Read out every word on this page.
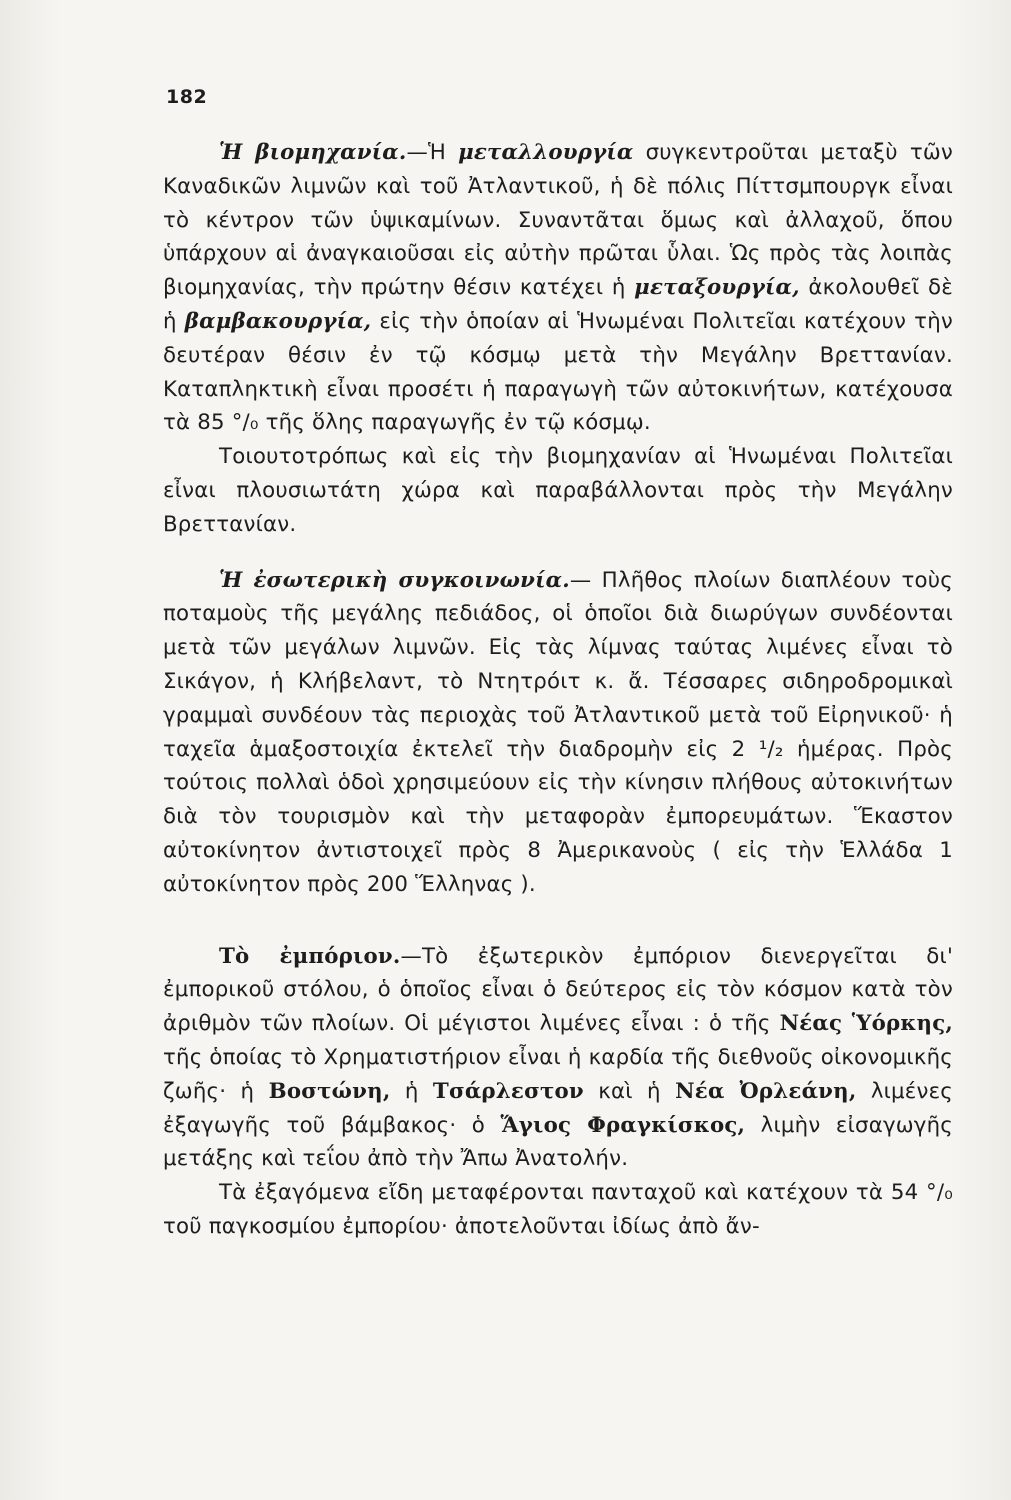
182

Ἡ βιομηχανία.—Ἡ μεταλλουργία συγκεντροῦται μεταξὺ τῶν Καναδικῶν λιμνῶν καὶ τοῦ Ἀτλαντικοῦ, ἡ δὲ πόλις Πίττσμπουργκ εἶναι τὸ κέντρον τῶν ὑψικαμίνων. Συναντᾶται ὅμως καὶ ἀλλαχοῦ, ὅπου ὑπάρχουν αἱ ἀναγκαιοῦσαι εἰς αὐτὴν πρῶται ὗλαι. Ὡς πρὸς τὰς λοιπὰς βιομηχανίας, τὴν πρώτην θέσιν κατέχει ἡ μεταξουργία, ἀκολουθεῖ δὲ ἡ βαμβακουργία, εἰς τὴν ὁποίαν αἱ Ἡνωμέναι Πολιτεῖαι κατέχουν τὴν δευτέραν θέσιν ἐν τῷ κόσμῳ μετὰ τὴν Μεγάλην Βρεττανίαν. Καταπληκτικὴ εἶναι προσέτι ἡ παραγωγὴ τῶν αὐτοκινήτων, κατέχουσα τὰ 85 °/₀ τῆς ὅλης παραγωγῆς ἐν τῷ κόσμῳ.

Τοιουτοτρόπως καὶ εἰς τὴν βιομηχανίαν αἱ Ἡνωμέναι Πολιτεῖαι εἶναι πλουσιωτάτη χώρα καὶ παραβάλλονται πρὸς τὴν Μεγάλην Βρεττανίαν.

Ἡ ἐσωτερικὴ συγκοινωνία.— Πλῆθος πλοίων διαπλέουν τοὺς ποταμοὺς τῆς μεγάλης πεδιάδος, οἱ ὁποῖοι διὰ διωρύγων συνδέονται μετὰ τῶν μεγάλων λιμνῶν. Εἰς τὰς λίμνας ταύτας λιμένες εἶναι τὸ Σικάγον, ἡ Κλήβελαντ, τὸ Ντητρόιτ κ. ἄ. Τέσσαρες σιδηροδρομικαὶ γραμμαὶ συνδέουν τὰς περιοχὰς τοῦ Ἀτλαντικοῦ μετὰ τοῦ Εἰρηνικοῦ· ἡ ταχεῖα ἁμαξοστοιχία ἐκτελεῖ τὴν διαδρομὴν εἰς 2 ¹/₂ ἡμέρας. Πρὸς τούτοις πολλαὶ ὁδοὶ χρησιμεύουν εἰς τὴν κίνησιν πλήθους αὐτοκινήτων διὰ τὸν τουρισμὸν καὶ τὴν μεταφορὰν ἐμπορευμάτων. Ἕκαστον αὐτοκίνητον ἀντιστοιχεῖ πρὸς 8 Ἀμερικανοὺς ( εἰς τὴν Ἑλλάδα 1 αὐτοκίνητον πρὸς 200 Ἕλληνας ).

Τὸ ἐμπόριον.—Τὸ ἐξωτερικὸν ἐμπόριον διενεργεῖται δι' ἐμπορικοῦ στόλου, ὁ ὁποῖος εἶναι ὁ δεύτερος εἰς τὸν κόσμον κατὰ τὸν ἀριθμὸν τῶν πλοίων. Οἱ μέγιστοι λιμένες εἶναι : ὁ τῆς Νέας Ὑόρκης, τῆς ὁποίας τὸ Χρηματιστήριον εἶναι ἡ καρδία τῆς διεθνοῦς οἰκονομικῆς ζωῆς· ἡ Βοστώνη, ἡ Τσάρλεστον καὶ ἡ Νέα Ὀρλεάνη, λιμένες ἐξαγωγῆς τοῦ βάμβακος· ὁ Ἅγιος Φραγκίσκος, λιμὴν εἰσαγωγῆς μετάξης καὶ τεΐου ἀπὸ τὴν Ἄπω Ἀνατολήν.

Τὰ ἐξαγόμενα εἴδη μεταφέρονται πανταχοῦ καὶ κατέχουν τὰ 54 °/₀ τοῦ παγκοσμίου ἐμπορίου· ἀποτελοῦνται ἰδίως ἀπὸ ἄν-
